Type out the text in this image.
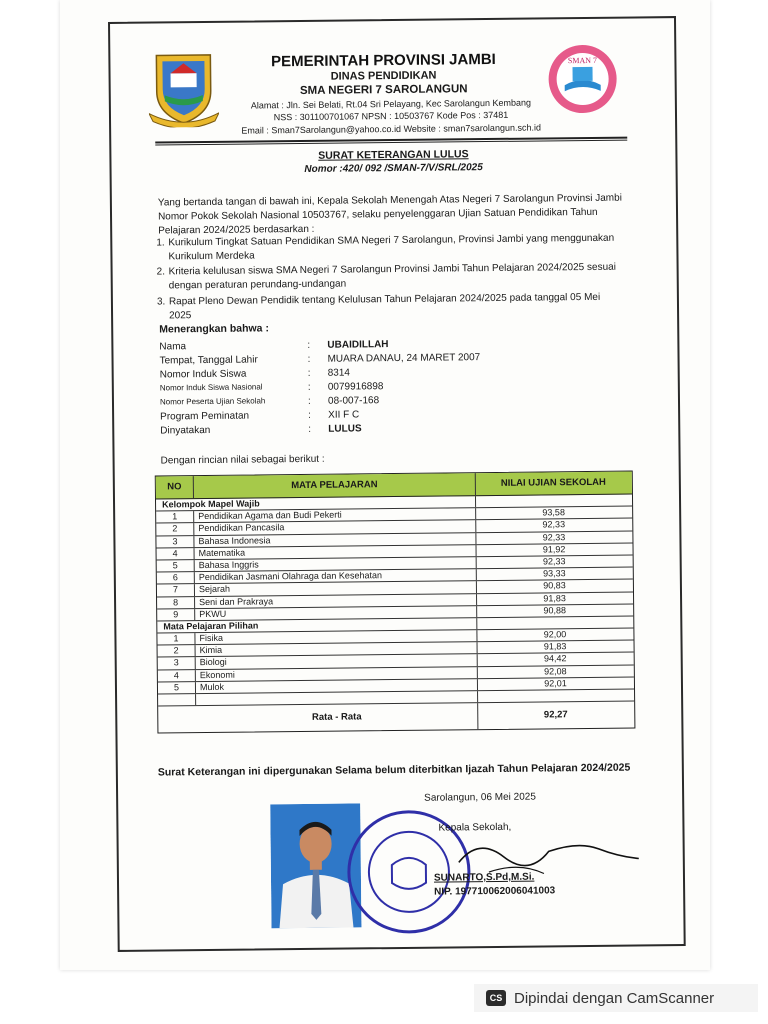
PEMERINTAH PROVINSI JAMBI
DINAS PENDIDIKAN
SMA NEGERI 7 SAROLANGUN
Alamat : Jln. Sei Belati, Rt.04 Sri Pelayang, Kec Sarolangun Kembang
NSS : 301100701067 NPSN : 10503767 Kode Pos : 37481
Email : Sman7Sarolangun@yahoo.co.id Website : sman7sarolangun.sch.id
SMAN 7
SURAT KETERANGAN LULUS
Nomor :420/ 092 /SMAN-7/V/SRL/2025
Yang bertanda tangan di bawah ini, Kepala Sekolah Menengah Atas Negeri 7 Sarolangun Provinsi Jambi Nomor Pokok Sekolah Nasional 10503767, selaku penyelenggaran Ujian Satuan Pendidikan Tahun Pelajaran 2024/2025 berdasarkan :
1. Kurikulum Tingkat Satuan Pendidikan SMA Negeri 7 Sarolangun, Provinsi Jambi yang menggunakan Kurikulum Merdeka
2. Kriteria kelulusan siswa SMA Negeri 7 Sarolangun Provinsi Jambi Tahun Pelajaran 2024/2025 sesuai dengan peraturan perundang-undangan
3. Rapat Pleno Dewan Pendidik tentang Kelulusan Tahun Pelajaran 2024/2025 pada tanggal 05 Mei 2025
Menerangkan bahwa :
Nama	: UBAIDILLAH
Tempat, Tanggal Lahir	: MUARA DANAU, 24 MARET 2007
Nomor Induk Siswa	: 8314
Nomor Induk Siswa Nasional	: 0079916898
Nomor Peserta Ujian Sekolah	: 08-007-168
Program Peminatan	: XII F C
Dinyatakan	: LULUS
Dengan rincian nilai sebagai berikut :
NO	MATA PELAJARAN	NILAI UJIAN SEKOLAH
Kelompok Mapel Wajib
1	Pendidikan Agama dan Budi Pekerti	93,58
2	Pendidikan Pancasila	92,33
3	Bahasa Indonesia	92,33
4	Matematika	91,92
5	Bahasa Inggris	92,33
6	Pendidikan Jasmani Olahraga dan Kesehatan	93,33
7	Sejarah	90,83
8	Seni dan Prakraya	91,83
9	PKWU	90,88
Mata Pelajaran Pilihan
1	Fisika	92,00
2	Kimia	91,83
3	Biologi	94,42
4	Ekonomi	92,08
5	Mulok	92,01
Rata - Rata	92,27
Surat Keterangan ini dipergunakan Selama belum diterbitkan Ijazah Tahun Pelajaran 2024/2025
Sarolangun, 06 Mei 2025
Kepala Sekolah,
SUNARTO,S.Pd,M.Si.
NIP. 197710062006041003
CS Dipindai dengan CamScanner
